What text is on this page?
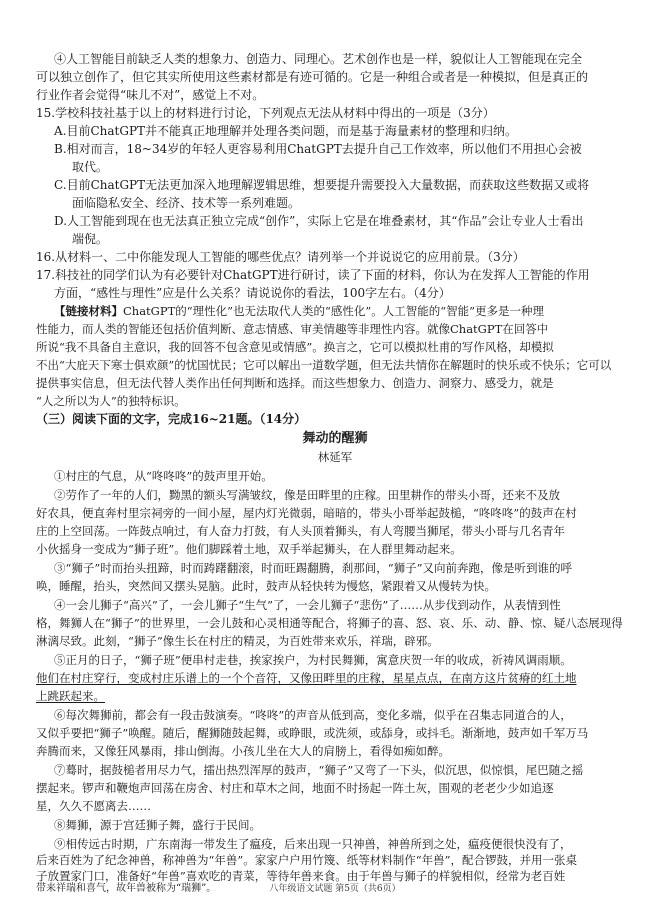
④人工智能目前缺乏人类的想象力、创造力、同理心。艺术创作也是一样，貌似让人工智能现在完全
可以独立创作了，但它其实所使用这些素材都是有迹可循的。它是一种组合或者是一种模拟，但是真正的
行业作者会觉得“味儿不对”，感觉上不对。
15.学校科技社基于以上的材料进行讨论，下列观点无法从材料中得出的一项是（3分）
A.目前ChatGPT并不能真正地理解并处理各类问题，而是基于海量素材的整理和归纳。
B.相对而言，18~34岁的年轻人更容易利用ChatGPT去提升自己工作效率，所以他们不用担心会被
取代。
C.目前ChatGPT无法更加深入地理解逻辑思维，想要提升需要投入大量数据，而获取这些数据又或将
面临隐私安全、经济、技术等一系列难题。
D.人工智能到现在也无法真正独立完成“创作”，实际上它是在堆叠素材，其“作品”会让专业人士看出
端倪。
16.从材料一、二中你能发现人工智能的哪些优点？请列举一个并说说它的应用前景。（3分）
17.科技社的同学们认为有必要针对ChatGPT进行研讨，读了下面的材料，你认为在发挥人工智能的作用
方面，“感性与理性”应是什么关系？请说说你的看法，100字左右。（4分）
【链接材料】ChatGPT的“理性化”也无法取代人类的“感性化”。人工智能的“智能”更多是一种理
性能力，而人类的智能还包括价值判断、意志情感、审美情趣等非理性内容。就像ChatGPT在回答中
所说“我不具备自主意识，我的回答不包含意见或情感”。换言之，它可以模拟杜甫的写作风格，却模拟
不出“大庇天下寒士俱欢颜”的忧国忧民；它可以解出一道数学题，但无法共情你在解题时的快乐或不快乐；它可以
提供事实信息，但无法代替人类作出任何判断和选择。而这些想象力、创造力、洞察力、感受力，就是
“人之所以为人”的独特标识。
（三）阅读下面的文字，完成16~21题。（14分）
舞动的醒狮
林延军
①村庄的气息，从“咚咚咚”的鼓声里开始。
②劳作了一年的人们，黝黑的额头写满皱纹，像是田畔里的庄稼。田里耕作的带头小哥，还来不及放
好农具，便直奔村里宗祠旁的一间小屋，屋内灯光微弱，暗暗的，带头小哥举起鼓槌，“咚咚咚”的鼓声在村
庄的上空回荡。一阵鼓点响过，有人奋力打鼓，有人头顶着狮头，有人弯腰当狮尾，带头小哥与几名青年
小伙摇身一变成为“狮子班”。他们脚踩着土地，双手举起狮头，在人群里舞动起来。
③“狮子”时而抬头扭蹄，时而踌躇翻滚，时而旺踢翻腾，刹那间，“狮子”又向前奔跑，像是听到谁的呼
唤，睡醒，抬头，突然间又摆头晃脑。此时，鼓声从轻快转为慢悠，紧跟着又从慢转为快。
④一会儿狮子“高兴”了，一会儿狮子“生气”了，一会儿狮子“悲伤”了……从步伐到动作，从表情到性
格，舞狮人在“狮子”的世界里，一会儿鼓和心灵相通等配合，将狮子的喜、怒、哀、乐、动、静、惊、疑八态展现得
淋漓尽致。此刻，“狮子”像生长在村庄的精灵，为百姓带来欢乐，祥瑞，辟邪。
⑤正月的日子，“狮子班”便串村走巷，挨家挨户，为村民舞狮，寓意庆贺一年的收成，祈祷风调雨顺。
他们在村庄穿行，变成村庄乐谱上的一个个音符，又像田畔里的庄稼，星星点点，在南方这片贫瘠的红土地
上跳跃起来。
⑥每次舞狮前，都会有一段击鼓演奏。“咚咚”的声音从低到高，变化多端，似乎在召集志同道合的人，
又似乎要把“狮子”唤醒。随后，醒狮随鼓起舞，或睁眼，或洗须，或舔身，或抖毛。渐渐地，鼓声如千军万马
奔腾而来，又像狂风暴雨，排山倒海。小孩儿坐在大人的肩膀上，看得如痴如醉。
⑦蓦时，据鼓槌者用尽力气，擂出热烈浑厚的鼓声，“狮子”又弯了一下头，似沉思，似惊惧，尾巴随之摇
摆起来。锣声和鞭炮声回荡在房舍、村庄和草木之间，地面不时扬起一阵土灰，围观的老老少少如追逐
星，久久不愿离去……
⑧舞狮，源于宫廷狮子舞，盛行于民间。
⑨相传远古时期，广东南海一带发生了瘟疫，后来出现一只神兽，神兽所到之处，瘟疫便很快没有了，
后来百姓为了纪念神兽，称神兽为“年兽”。家家户户用竹篾、纸等材料制作“年兽”，配合锣鼓，并用一张桌
子放置家门口，准备好“年兽”喜欢吃的青菜，等待年兽来食。由于年兽与狮子的样貌相似，经常为老百姓
带来祥瑞和喜气，故年兽被称为“瑞狮”。	八年级语文试题 第5页（共6页）
